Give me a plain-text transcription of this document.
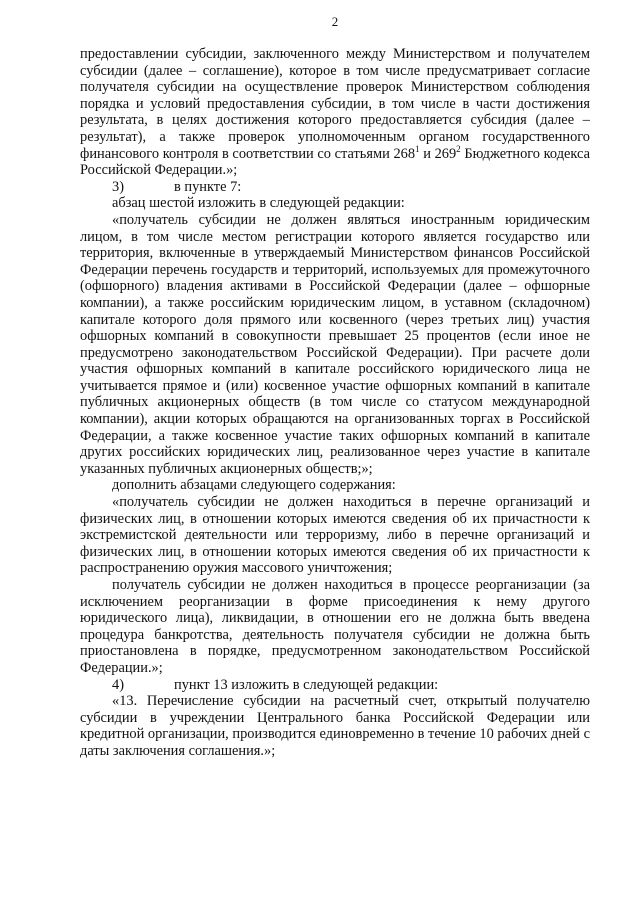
2

предоставлении субсидии, заключенного между Министерством и получателем субсидии (далее – соглашение), которое в том числе предусматривает согласие получателя субсидии на осуществление проверок Министерством соблюдения порядка и условий предоставления субсидии, в том числе в части достижения результата, в целях достижения которого предоставляется субсидия (далее – результат), а также проверок уполномоченным органом государственного финансового контроля в соответствии со статьями $268^1$ и $269^2$ Бюджетного кодекса Российской Федерации.»;

3)	в пункте 7:

абзац шестой изложить в следующей редакции:

«получатель субсидии не должен являться иностранным юридическим лицом, в том числе местом регистрации которого является государство или территория, включенные в утверждаемый Министерством финансов Российской Федерации перечень государств и территорий, используемых для промежуточного (офшорного) владения активами в Российской Федерации (далее – офшорные компании), а также российским юридическим лицом, в уставном (складочном) капитале которого доля прямого или косвенного (через третьих лиц) участия офшорных компаний в совокупности превышает 25 процентов (если иное не предусмотрено законодательством Российской Федерации). При расчете доли участия офшорных компаний в капитале российского юридического лица не учитывается прямое и (или) косвенное участие офшорных компаний в капитале публичных акционерных обществ (в том числе со статусом международной компании), акции которых обращаются на организованных торгах в Российской Федерации, а также косвенное участие таких офшорных компаний в капитале других российских юридических лиц, реализованное через участие в капитале указанных публичных акционерных обществ;»;

дополнить абзацами следующего содержания:

«получатель субсидии не должен находиться в перечне организаций и физических лиц, в отношении которых имеются сведения об их причастности к экстремистской деятельности или терроризму, либо в перечне организаций и физических лиц, в отношении которых имеются сведения об их причастности к распространению оружия массового уничтожения;

получатель субсидии не должен находиться в процессе реорганизации (за исключением реорганизации в форме присоединения к нему другого юридического лица), ликвидации, в отношении его не должна быть введена процедура банкротства, деятельность получателя субсидии не должна быть приостановлена в порядке, предусмотренном законодательством Российской Федерации.»;

4)	пункт 13 изложить в следующей редакции:

«13. Перечисление субсидии на расчетный счет, открытый получателю субсидии в учреждении Центрального банка Российской Федерации или кредитной организации, производится единовременно в течение 10 рабочих дней с даты заключения соглашения.»;
